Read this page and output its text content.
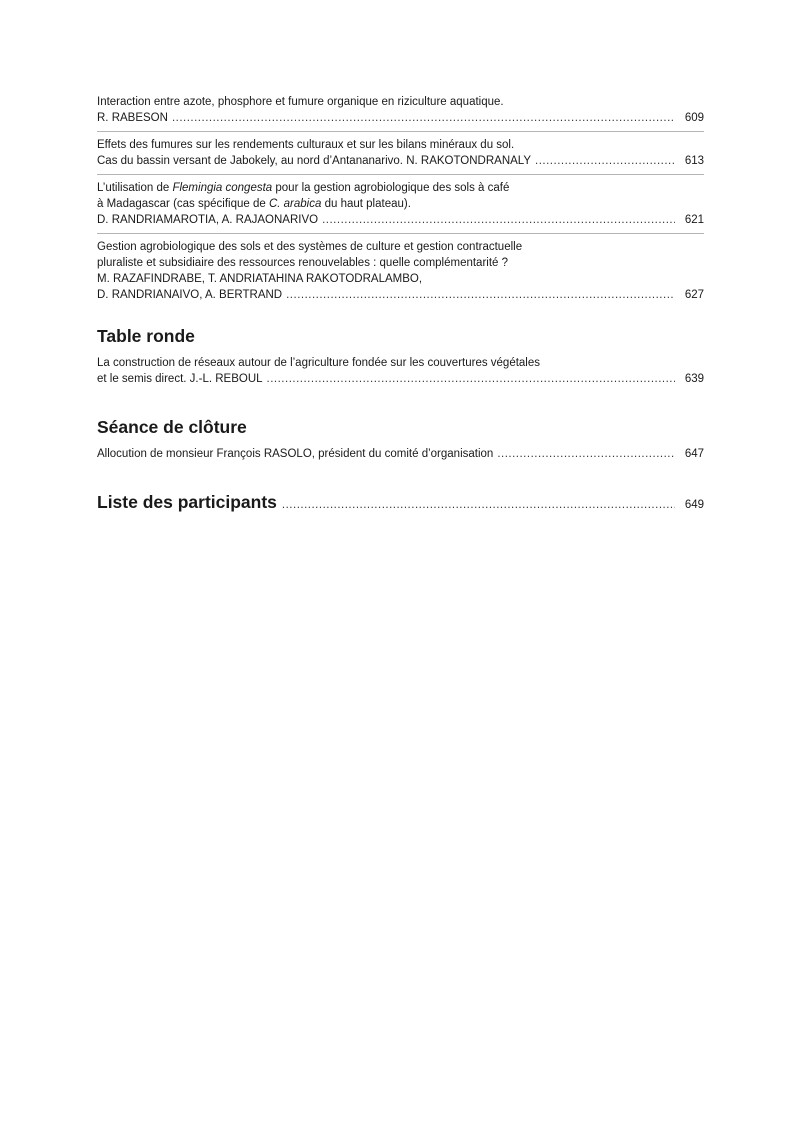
Interaction entre azote, phosphore et fumure organique en riziculture aquatique.
R. RABESON .....	609
Effets des fumures sur les rendements culturaux et sur les bilans minéraux du sol.
Cas du bassin versant de Jabokely, au nord d’Antananarivo. N. RAKOTONDRANALY .....	613
L’utilisation de Flemingia congesta pour la gestion agrobiologique des sols à café
à Madagascar (cas spécifique de C. arabica du haut plateau).
D. RANDRIAMAROTIA, A. RAJAONARIVO .....	621
Gestion agrobiologique des sols et des systèmes de culture et gestion contractuelle
pluraliste et subsidiaire des ressources renouvelables : quelle complémentarité ?
M. RAZAFINDRABE, T. ANDRIATAHINA RAKOTODRALAMBO,
D. RANDRIANAIVO, A. BERTRAND .....	627
Table ronde
La construction de réseaux autour de l’agriculture fondée sur les couvertures végétales
et le semis direct. J.-L. REBOUL .....	639
Séance de clôture
Allocution de monsieur François RASOLO, président du comité d’organisation .....	647
Liste des participants .....	649
